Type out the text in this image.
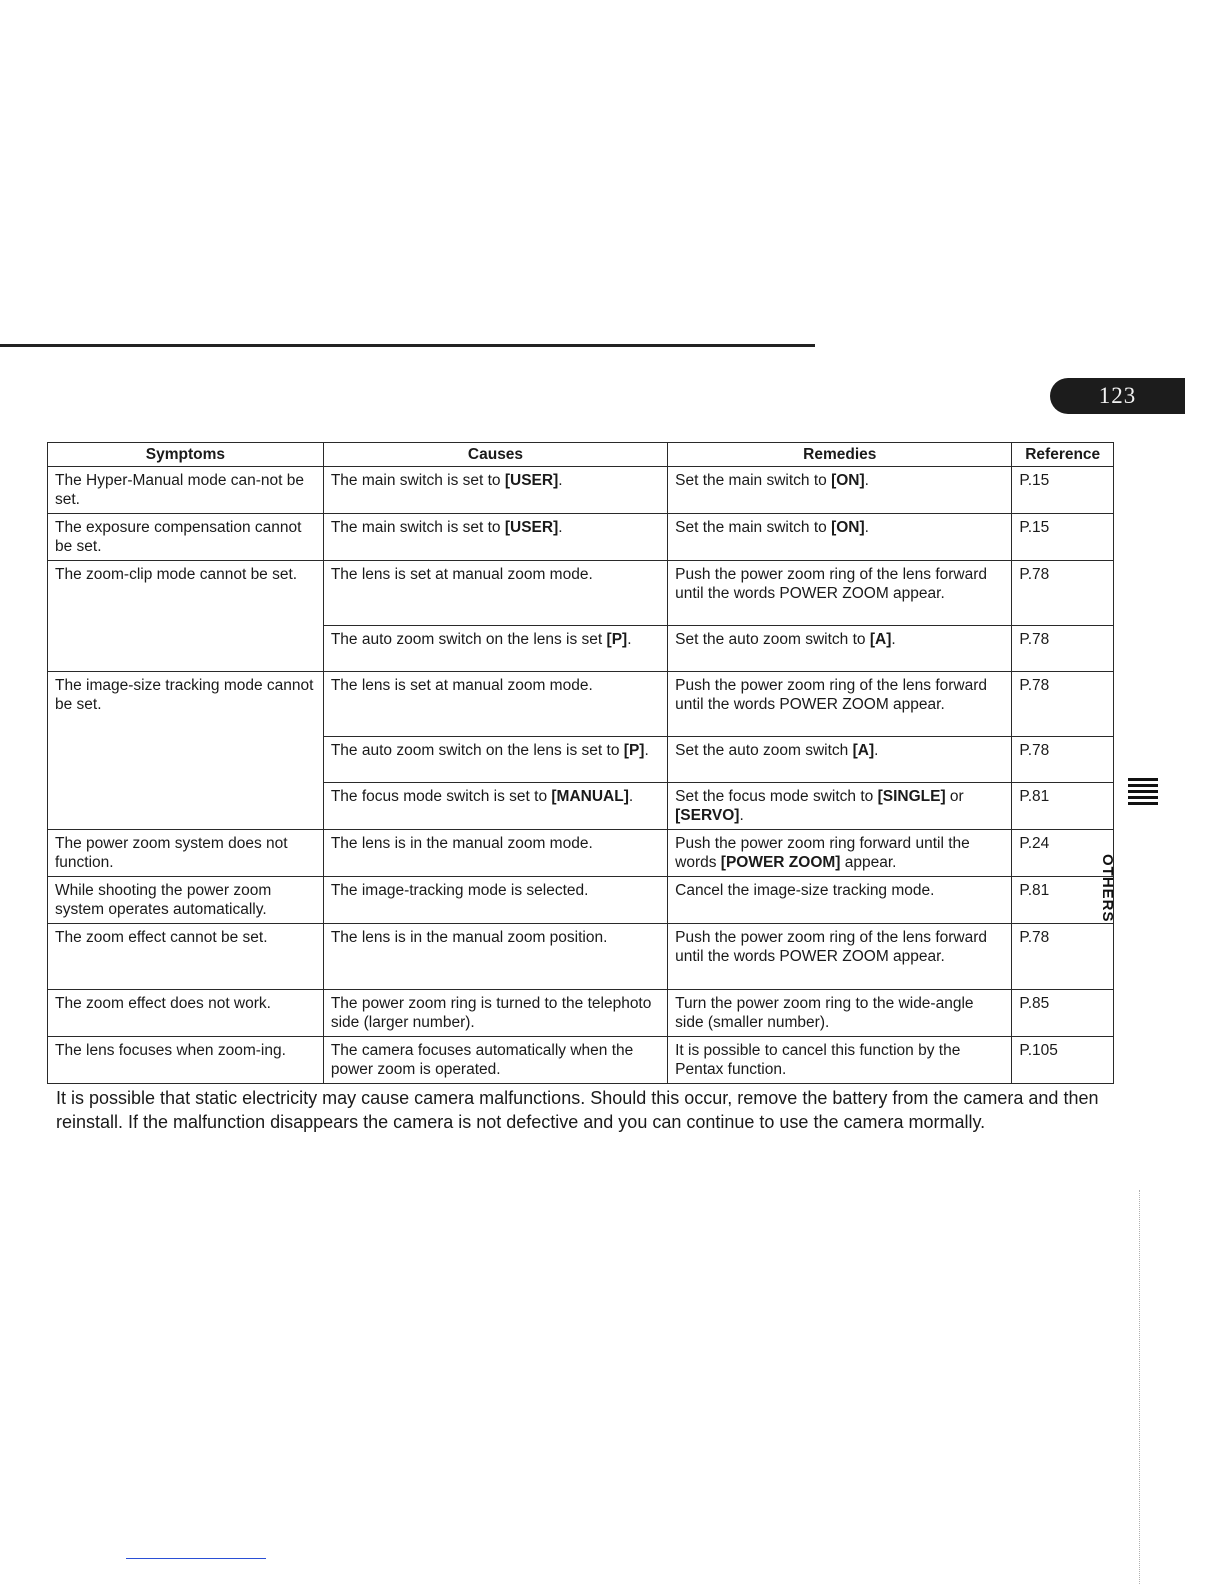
123
OTHERS
Symptoms	Causes	Remedies	Reference
The Hyper-Manual mode can-not be set.	The main switch is set to [USER].	Set the main switch to [ON].	P.15
The exposure compensation cannot be set.	The main switch is set to [USER].	Set the main switch to [ON].	P.15
The zoom-clip mode cannot be set.	The lens is set at manual zoom mode.	Push the power zoom ring of the lens forward until the words POWER ZOOM appear.	P.78
	The auto zoom switch on the lens is set [P].	Set the auto zoom switch to [A].	P.78
The image-size tracking mode cannot be set.	The lens is set at manual zoom mode.	Push the power zoom ring of the lens forward until the words POWER ZOOM appear.	P.78
	The auto zoom switch on the lens is set to [P].	Set the auto zoom switch [A].	P.78
	The focus mode switch is set to [MANUAL].	Set the focus mode switch to [SINGLE] or [SERVO].	P.81
The power zoom system does not function.	The lens is in the manual zoom mode.	Push the power zoom ring forward until the words [POWER ZOOM] appear.	P.24
While shooting the power zoom system operates automatically.	The image-tracking mode is selected.	Cancel the image-size tracking mode.	P.81
The zoom effect cannot be set.	The lens is in the manual zoom position.	Push the power zoom ring of the lens forward until the words POWER ZOOM appear.	P.78
The zoom effect does not work.	The power zoom ring is turned to the telephoto side (larger number).	Turn the power zoom ring to the wide-angle side (smaller number).	P.85
The lens focuses when zoom-ing.	The camera focuses automatically when the power zoom is operated.	It is possible to cancel this function by the Pentax function.	P.105
It is possible that static electricity may cause camera malfunctions. Should this occur, remove the battery from the camera and then reinstall. If the malfunction disappears the camera is not defective and you can continue to use the camera mormally.
